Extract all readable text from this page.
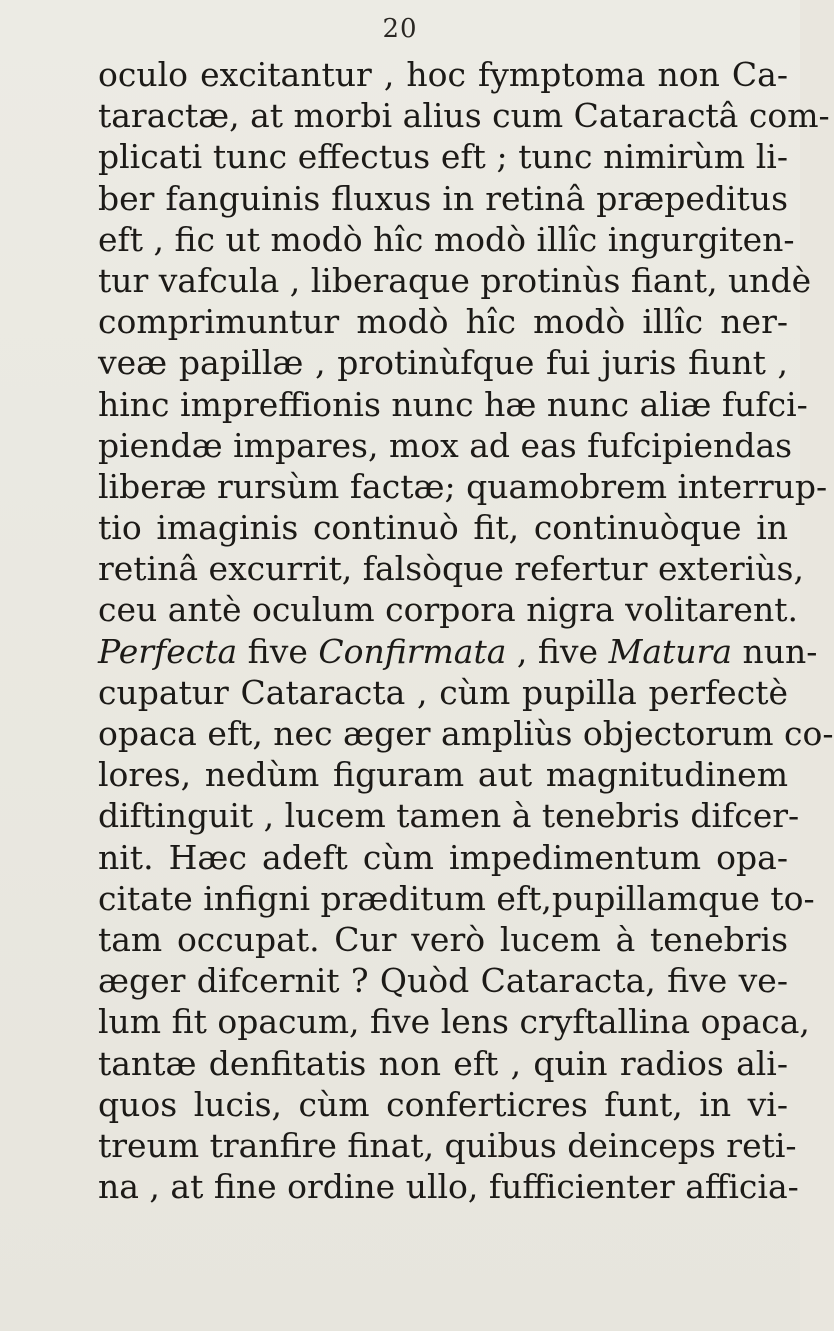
20
oculo excitantur , hoc fymptoma non Ca-
taractæ, at morbi alius cum Cataractâ com-
plicati tunc effectus eft ; tunc nimirùm li-
ber fanguinis fluxus in retinâ præpeditus
eft , fic ut modò hîc modò illîc ingurgiten-
tur vafcula , liberaque protinùs fiant, undè
comprimuntur modò hîc modò illîc ner-
veæ papillæ , protinùfque fui juris fiunt ,
hinc impreffionis nunc hæ nunc aliæ fufci-
piendæ impares, mox ad eas fufcipiendas
liberæ rursùm factæ; quamobrem interrup-
tio imaginis continuò fit, continuòque in
retinâ excurrit, falsòque refertur exteriùs,
ceu antè oculum corpora nigra volitarent.
Perfecta five Confirmata , five Matura nun-
cupatur Cataracta , cùm pupilla perfectè
opaca eft, nec æger ampliùs objectorum co-
lores, nedùm figuram aut magnitudinem
diftinguit , lucem tamen à tenebris difcer-
nit. Hæc adeft cùm impedimentum opa-
citate infigni præditum eft,pupillamque to-
tam occupat. Cur verò lucem à tenebris
æger difcernit ? Quòd Cataracta, five ve-
lum fit opacum, five lens cryftallina opaca,
tantæ denfitatis non eft , quin radios ali-
quos lucis, cùm conferticres funt, in vi-
treum tranfire finat, quibus deinceps reti-
na , at fine ordine ullo, fufficienter afficia-
